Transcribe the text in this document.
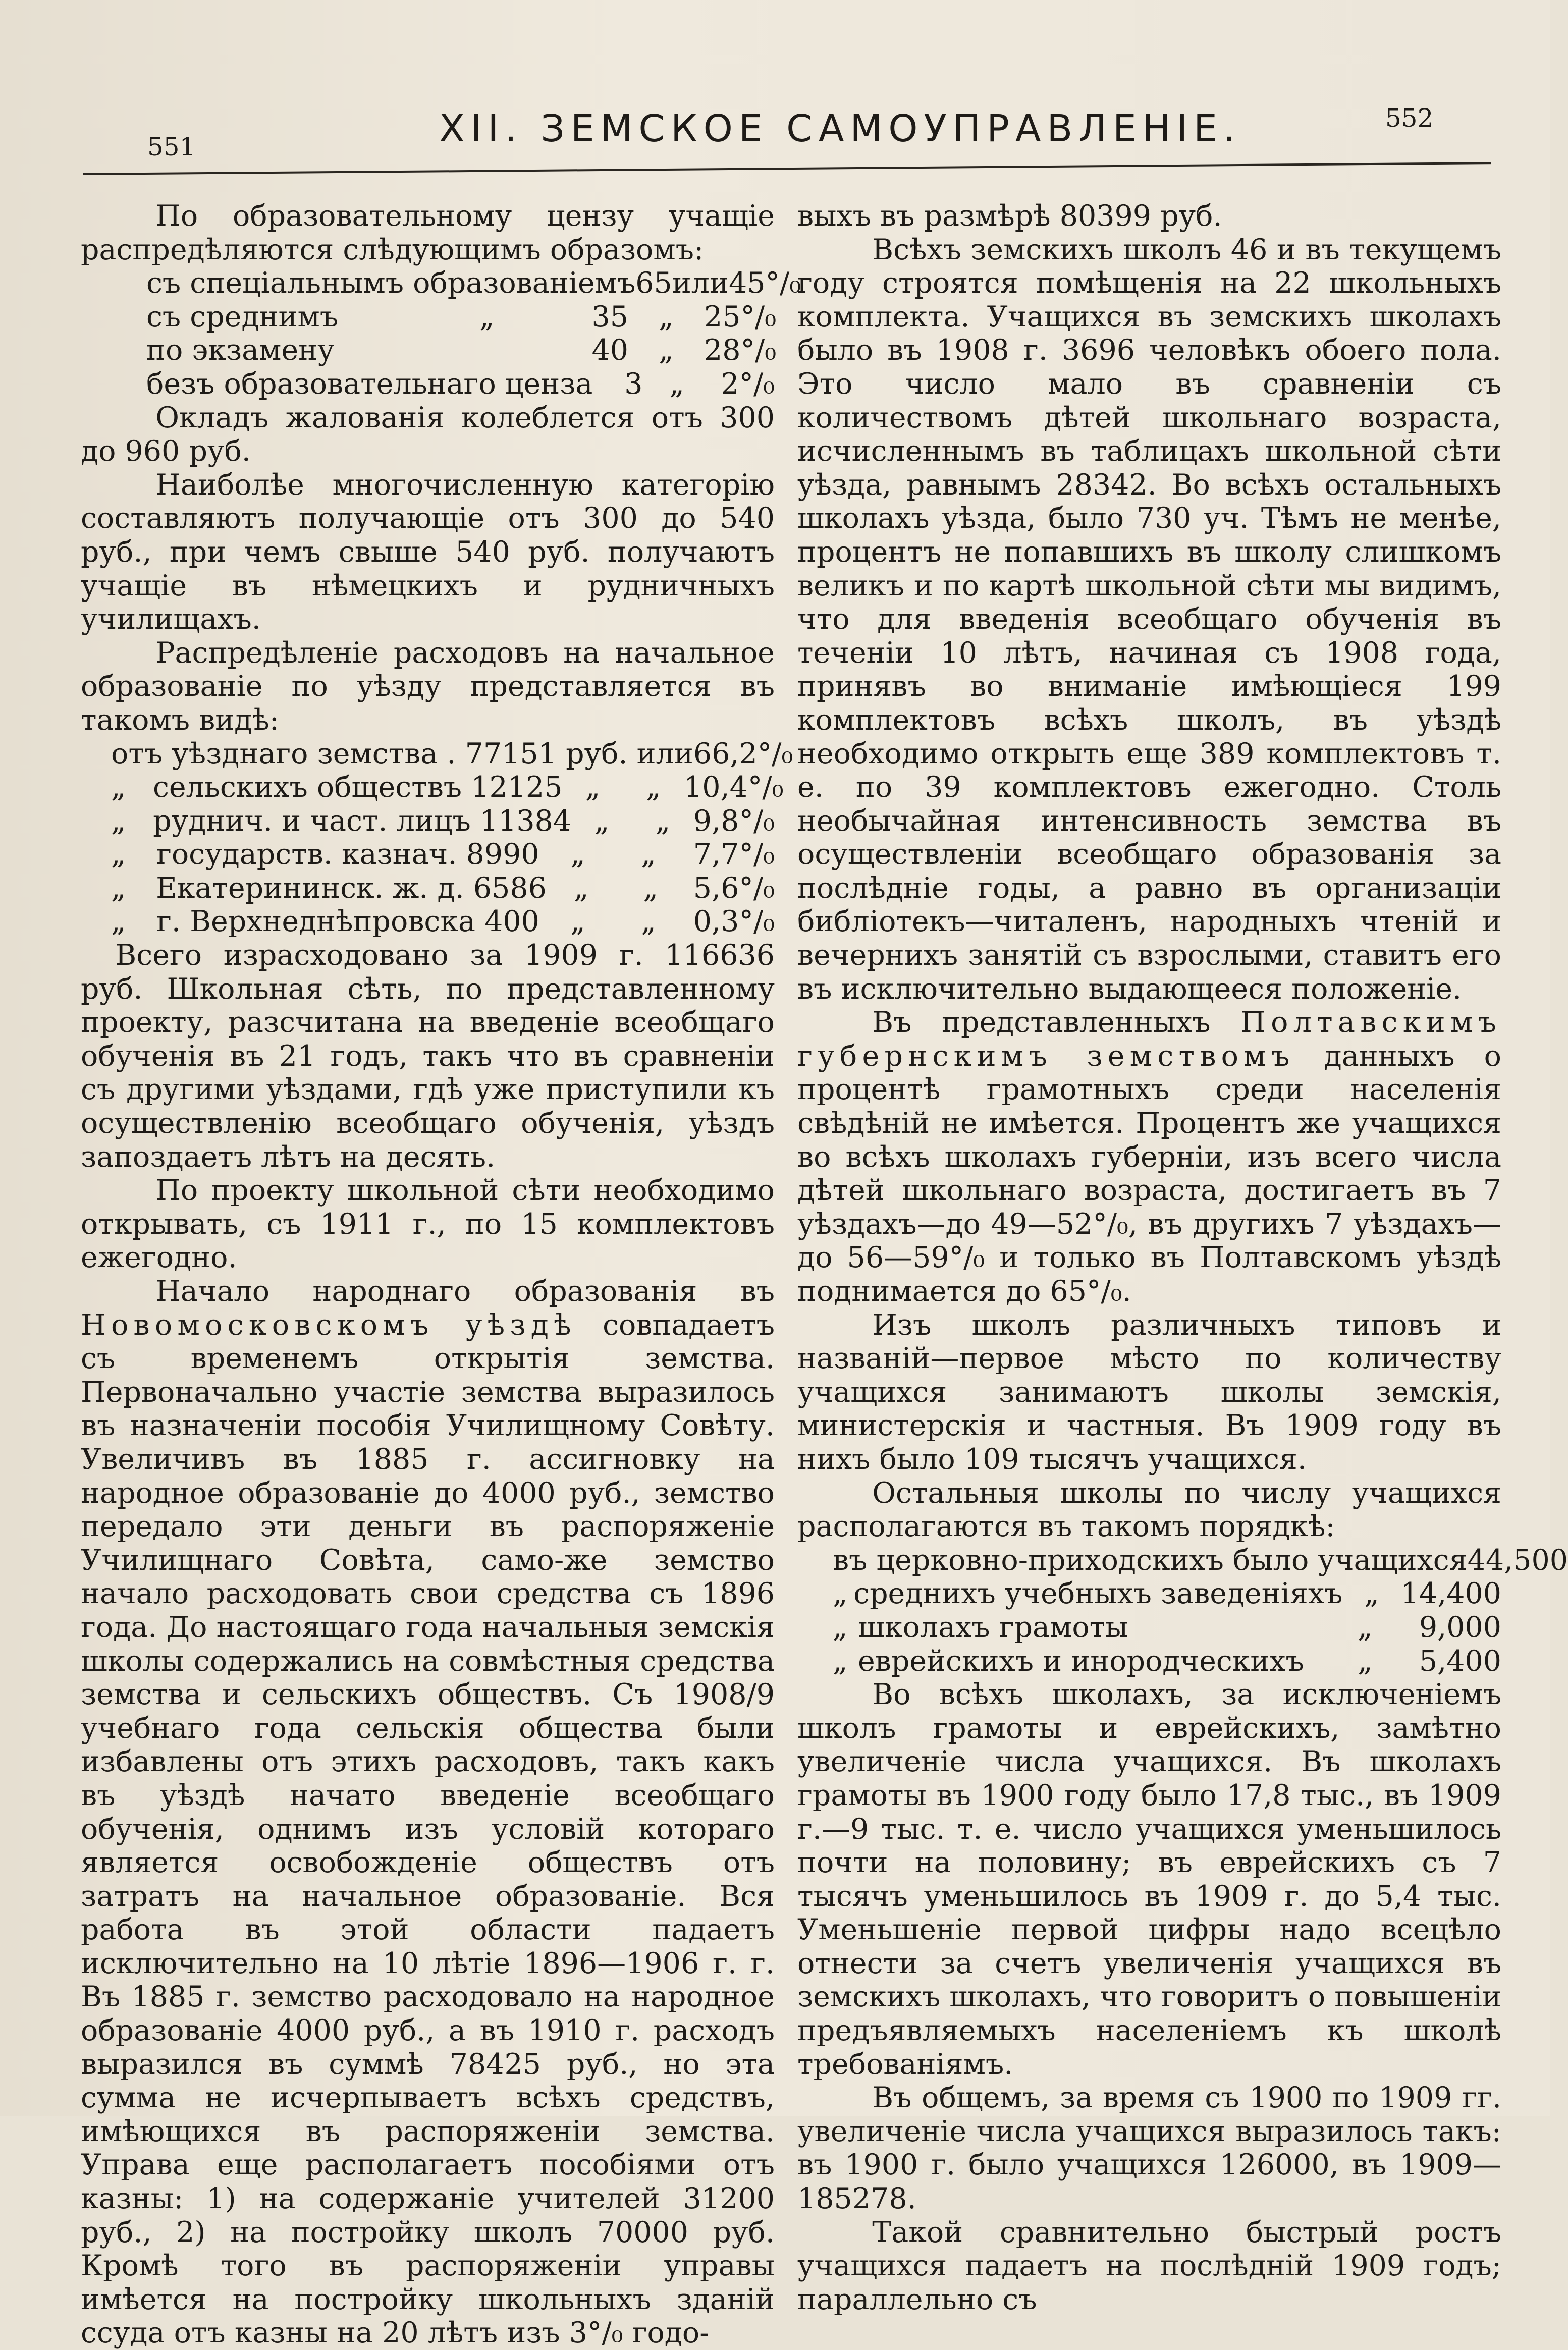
551	XII. ЗЕМСКОЕ САМОУПРАВЛЕНІЕ.	552

По образовательному цензу учащіе распредѣляются слѣдующимъ образомъ:

съ спеціальнымъ образованіемъ 65 или 45°/₀
съ среднимъ	„	35	„	25°/₀
по экзамену	40	„	28°/₀
безъ образовательнаго ценза	3 „	2°/₀

Окладъ жалованія колеблется отъ 300 до 960 руб.

Наиболѣе многочисленную категорію составляютъ получающіе отъ 300 до 540 руб., при чемъ свыше 540 руб. получаютъ учащіе въ нѣмецкихъ и рудничныхъ училищахъ.

Распредѣленіе расходовъ на начальное образованіе по уѣзду представляется въ такомъ видѣ:

отъ уѣзднаго земства . 77151 руб. или 66,2°/₀
„ сельскихъ обществъ 12125 „	„ 10,4°/₀
„ руднич. и част. лицъ 11384 „	„ 9,8°/₀
„	государств. казнач. 8990	„	„	7,7°/₀
„	Екатерининск. ж. д. 6586 „	„	5,6°/₀
„	г. Верхнеднѣпровска 400	„	„	0,3°/₀

Всего израсходовано за 1909 г. 116636 руб. Школьная сѣть, по представленному проекту, разсчитана на введеніе всеобщаго обученія въ 21 годъ, такъ что въ сравненіи съ другими уѣздами, гдѣ уже приступили къ осуществленію всеобщаго обученія, уѣздъ запоздаетъ лѣтъ на десять.

По проекту школьной сѣти необходимо открывать, съ 1911 г., по 15 комплектовъ ежегодно.

Начало народнаго образованія въ Новомосковскомъ уѣздѣ совпадаетъ съ временемъ открытія земства. Первоначально участіе земства выразилось въ назначеніи пособія Училищному Совѣту. Увеличивъ въ 1885 г. ассигновку на народное образованіе до 4000 руб., земство передало эти деньги въ распоряженіе Училищнаго Совѣта, само-же земство начало расходовать свои средства съ 1896 года. До настоящаго года начальныя земскія школы содержались на совмѣстныя средства земства и сельскихъ обществъ. Съ 1908/9 учебнаго года сельскія общества были избавлены отъ этихъ расходовъ, такъ какъ въ уѣздѣ начато введеніе всеобщаго обученія, однимъ изъ условій котораго является освобожденіе обществъ отъ затратъ на начальное образованіе. Вся работа въ этой области падаетъ исключительно на 10 лѣтіе 1896—1906 г. г. Въ 1885 г. земство расходовало на народное образованіе 4000 руб., а въ 1910 г. расходъ выразился въ суммѣ 78425 руб., но эта сумма не исчерпываетъ всѣхъ средствъ, имѣющихся въ распоряженіи земства. Управа еще располагаетъ пособіями отъ казны: 1) на содержаніе учителей 31200 руб., 2) на постройку школъ 70000 руб. Кромѣ того въ распоряженіи управы имѣется на постройку школьныхъ зданій ссуда отъ казны на 20 лѣтъ изъ 3°/₀ годо-

выхъ въ размѣрѣ 80399 руб.

Всѣхъ земскихъ школъ 46 и въ текущемъ году строятся помѣщенія на 22 школьныхъ комплекта. Учащихся въ земскихъ школахъ было въ 1908 г. 3696 человѣкъ обоего пола. Это число мало въ сравненіи съ количествомъ дѣтей школьнаго возраста, исчисленнымъ въ таблицахъ школьной сѣти уѣзда, равнымъ 28342. Во всѣхъ остальныхъ школахъ уѣзда, было 730 уч. Тѣмъ не менѣе, процентъ не попавшихъ въ школу слишкомъ великъ и по картѣ школьной сѣти мы видимъ, что для введенія всеобщаго обученія въ теченіи 10 лѣтъ, начиная съ 1908 года, принявъ во вниманіе имѣющіеся 199 комплектовъ всѣхъ школъ, въ уѣздѣ необходимо открыть еще 389 комплектовъ т. е. по 39 комплектовъ ежегодно. Столь необычайная интенсивность земства въ осуществленіи всеобщаго образованія за послѣдніе годы, а равно въ организаціи библіотекъ—читаленъ, народныхъ чтеній и вечернихъ занятій съ взрослыми, ставитъ его въ исключительно выдающееся положеніе.

Въ представленныхъ Полтавскимъ губернскимъ земствомъ данныхъ о процентѣ грамотныхъ среди населенія свѣдѣній не имѣется. Процентъ же учащихся во всѣхъ школахъ губерніи, изъ всего числа дѣтей школьнаго возраста, достигаетъ въ 7 уѣздахъ—до 49—52°/₀, въ другихъ 7 уѣздахъ—до 56—59°/₀ и только въ Полтавскомъ уѣздѣ поднимается до 65°/₀.

Изъ школъ различныхъ типовъ и названій—первое мѣсто по количеству учащихся занимаютъ школы земскія, министерскія и частныя. Въ 1909 году въ нихъ было 109 тысячъ учащихся.

Остальныя школы по числу учащихся располагаются въ такомъ порядкѣ:

въ церковно-приходскихъ было учащихся 44,500
„ среднихъ учебныхъ заведеніяхъ „ 14,400
„ школахъ грамоты	„	9,000
„ еврейскихъ и инородческихъ	„	5,400

Во всѣхъ школахъ, за исключеніемъ школъ грамоты и еврейскихъ, замѣтно увеличеніе числа учащихся. Въ школахъ грамоты въ 1900 году было 17,8 тыс., въ 1909 г.—9 тыс. т. е. число учащихся уменьшилось почти на половину; въ еврейскихъ съ 7 тысячъ уменьшилось въ 1909 г. до 5,4 тыс. Уменьшеніе первой цифры надо всецѣло отнести за счетъ увеличенія учащихся въ земскихъ школахъ, что говоритъ о повышеніи предъявляемыхъ населеніемъ къ школѣ требованіямъ.

Въ общемъ, за время съ 1900 по 1909 гг. увеличеніе числа учащихся выразилось такъ: въ 1900 г. было учащихся 126000, въ 1909—185278.

Такой сравнительно быстрый ростъ учащихся падаетъ на послѣдній 1909 годъ; параллельно съ
